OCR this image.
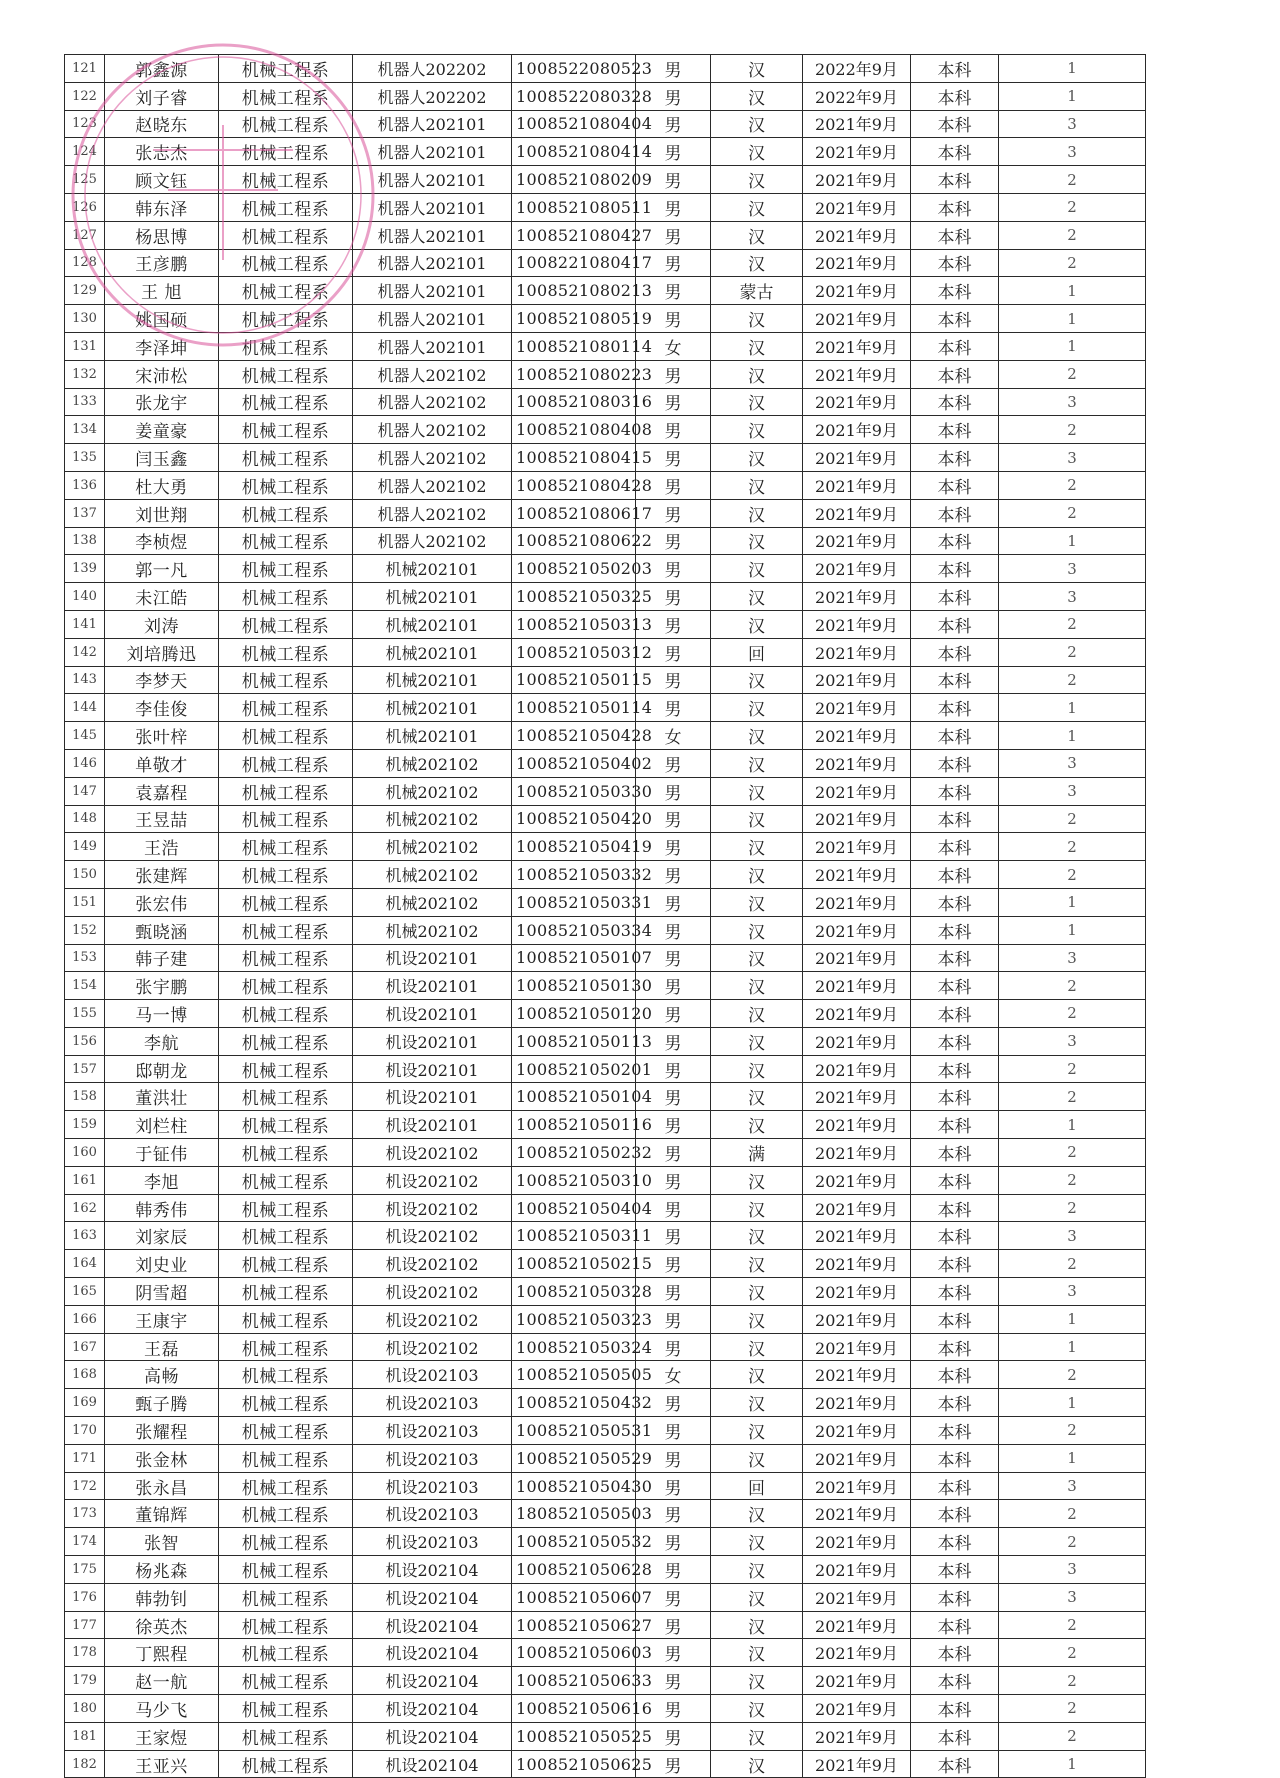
121	郭鑫源	机械工程系	机器人202202	1008522080523	男	汉	2022年9月	本科	1
122	刘子睿	机械工程系	机器人202202	1008522080328	男	汉	2022年9月	本科	1
123	赵晓东	机械工程系	机器人202101	1008521080404	男	汉	2021年9月	本科	3
124	张志杰	机械工程系	机器人202101	1008521080414	男	汉	2021年9月	本科	3
125	顾文钰	机械工程系	机器人202101	1008521080209	男	汉	2021年9月	本科	2
126	韩东泽	机械工程系	机器人202101	1008521080511	男	汉	2021年9月	本科	2
127	杨思博	机械工程系	机器人202101	1008521080427	男	汉	2021年9月	本科	2
128	王彦鹏	机械工程系	机器人202101	1008221080417	男	汉	2021年9月	本科	2
129	王 旭	机械工程系	机器人202101	1008521080213	男	蒙古	2021年9月	本科	1
130	姚国硕	机械工程系	机器人202101	1008521080519	男	汉	2021年9月	本科	1
131	李泽坤	机械工程系	机器人202101	1008521080114	女	汉	2021年9月	本科	1
132	宋沛松	机械工程系	机器人202102	1008521080223	男	汉	2021年9月	本科	2
133	张龙宇	机械工程系	机器人202102	1008521080316	男	汉	2021年9月	本科	3
134	姜童豪	机械工程系	机器人202102	1008521080408	男	汉	2021年9月	本科	2
135	闫玉鑫	机械工程系	机器人202102	1008521080415	男	汉	2021年9月	本科	3
136	杜大勇	机械工程系	机器人202102	1008521080428	男	汉	2021年9月	本科	2
137	刘世翔	机械工程系	机器人202102	1008521080617	男	汉	2021年9月	本科	2
138	李桢煜	机械工程系	机器人202102	1008521080622	男	汉	2021年9月	本科	1
139	郭一凡	机械工程系	机械202101	1008521050203	男	汉	2021年9月	本科	3
140	未江皓	机械工程系	机械202101	1008521050325	男	汉	2021年9月	本科	3
141	刘涛	机械工程系	机械202101	1008521050313	男	汉	2021年9月	本科	2
142	刘培腾迅	机械工程系	机械202101	1008521050312	男	回	2021年9月	本科	2
143	李梦天	机械工程系	机械202101	1008521050115	男	汉	2021年9月	本科	2
144	李佳俊	机械工程系	机械202101	1008521050114	男	汉	2021年9月	本科	1
145	张叶梓	机械工程系	机械202101	1008521050428	女	汉	2021年9月	本科	1
146	单敬才	机械工程系	机械202102	1008521050402	男	汉	2021年9月	本科	3
147	袁嘉程	机械工程系	机械202102	1008521050330	男	汉	2021年9月	本科	3
148	王昱喆	机械工程系	机械202102	1008521050420	男	汉	2021年9月	本科	2
149	王浩	机械工程系	机械202102	1008521050419	男	汉	2021年9月	本科	2
150	张建辉	机械工程系	机械202102	1008521050332	男	汉	2021年9月	本科	2
151	张宏伟	机械工程系	机械202102	1008521050331	男	汉	2021年9月	本科	1
152	甄晓涵	机械工程系	机械202102	1008521050334	男	汉	2021年9月	本科	1
153	韩子建	机械工程系	机设202101	1008521050107	男	汉	2021年9月	本科	3
154	张宇鹏	机械工程系	机设202101	1008521050130	男	汉	2021年9月	本科	2
155	马一博	机械工程系	机设202101	1008521050120	男	汉	2021年9月	本科	2
156	李航	机械工程系	机设202101	1008521050113	男	汉	2021年9月	本科	3
157	邸朝龙	机械工程系	机设202101	1008521050201	男	汉	2021年9月	本科	2
158	董洪壮	机械工程系	机设202101	1008521050104	男	汉	2021年9月	本科	2
159	刘栏柱	机械工程系	机设202101	1008521050116	男	汉	2021年9月	本科	1
160	于钲伟	机械工程系	机设202102	1008521050232	男	满	2021年9月	本科	2
161	李旭	机械工程系	机设202102	1008521050310	男	汉	2021年9月	本科	2
162	韩秀伟	机械工程系	机设202102	1008521050404	男	汉	2021年9月	本科	2
163	刘家辰	机械工程系	机设202102	1008521050311	男	汉	2021年9月	本科	3
164	刘史业	机械工程系	机设202102	1008521050215	男	汉	2021年9月	本科	2
165	阴雪超	机械工程系	机设202102	1008521050328	男	汉	2021年9月	本科	3
166	王康宇	机械工程系	机设202102	1008521050323	男	汉	2021年9月	本科	1
167	王磊	机械工程系	机设202102	1008521050324	男	汉	2021年9月	本科	1
168	高畅	机械工程系	机设202103	1008521050505	女	汉	2021年9月	本科	2
169	甄子腾	机械工程系	机设202103	1008521050432	男	汉	2021年9月	本科	1
170	张耀程	机械工程系	机设202103	1008521050531	男	汉	2021年9月	本科	2
171	张金林	机械工程系	机设202103	1008521050529	男	汉	2021年9月	本科	1
172	张永昌	机械工程系	机设202103	1008521050430	男	回	2021年9月	本科	3
173	董锦辉	机械工程系	机设202103	1808521050503	男	汉	2021年9月	本科	2
174	张智	机械工程系	机设202103	1008521050532	男	汉	2021年9月	本科	2
175	杨兆森	机械工程系	机设202104	1008521050628	男	汉	2021年9月	本科	3
176	韩勃钊	机械工程系	机设202104	1008521050607	男	汉	2021年9月	本科	3
177	徐英杰	机械工程系	机设202104	1008521050627	男	汉	2021年9月	本科	2
178	丁熙程	机械工程系	机设202104	1008521050603	男	汉	2021年9月	本科	2
179	赵一航	机械工程系	机设202104	1008521050633	男	汉	2021年9月	本科	2
180	马少飞	机械工程系	机设202104	1008521050616	男	汉	2021年9月	本科	2
181	王家煜	机械工程系	机设202104	1008521050525	男	汉	2021年9月	本科	2
182	王亚兴	机械工程系	机设202104	1008521050625	男	汉	2021年9月	本科	1
